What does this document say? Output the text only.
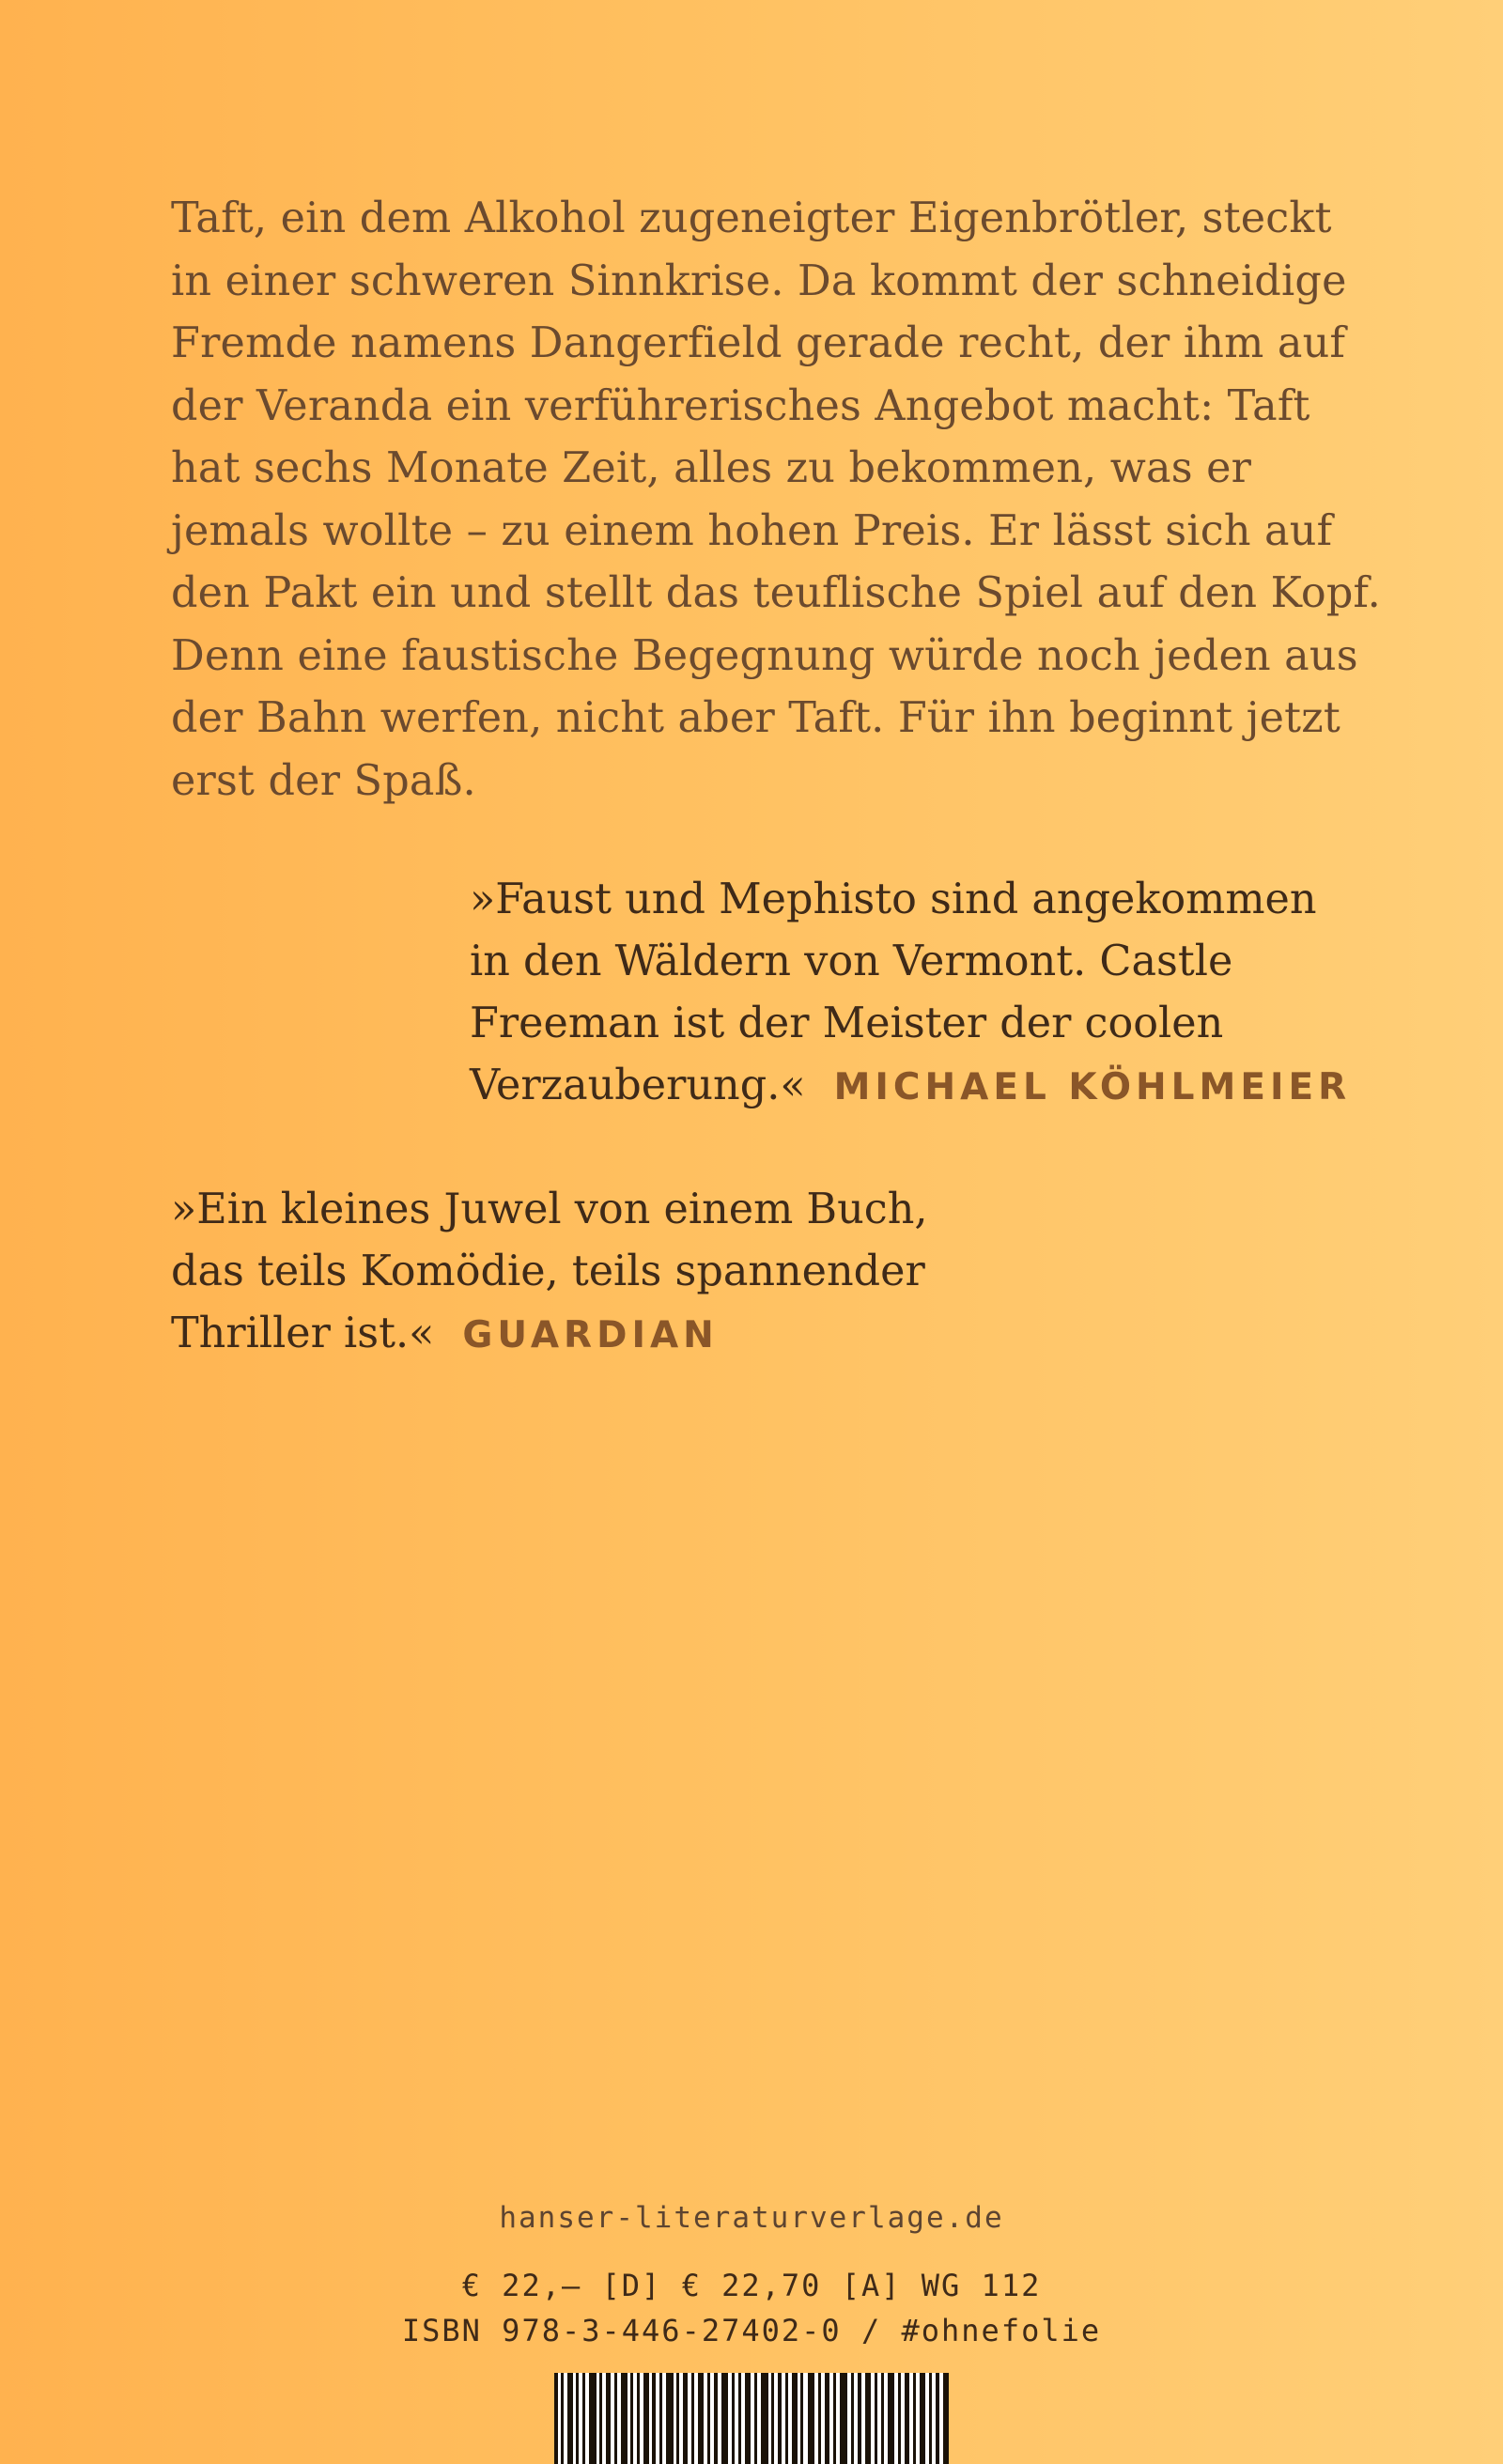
Taft, ein dem Alkohol zugeneigter Eigenbrötler, steckt
in einer schweren Sinnkrise. Da kommt der schneidige
Fremde namens Dangerfield gerade recht, der ihm auf
der Veranda ein verführerisches Angebot macht: Taft
hat sechs Monate Zeit, alles zu bekommen, was er
jemals wollte – zu einem hohen Preis. Er lässt sich auf
den Pakt ein und stellt das teuflische Spiel auf den Kopf.
Denn eine faustische Begegnung würde noch jeden aus
der Bahn werfen, nicht aber Taft. Für ihn beginnt jetzt
erst der Spaß.

»Faust und Mephisto sind angekommen
in den Wäldern von Vermont. Castle
Freeman ist der Meister der coolen
Verzauberung.« MICHAEL KÖHLMEIER

»Ein kleines Juwel von einem Buch,
das teils Komödie, teils spannender
Thriller ist.« GUARDIAN

hanser-literaturverlage.de
€ 22,– [D] € 22,70 [A] WG 112
ISBN 978-3-446-27402-0 / #ohnefolie
